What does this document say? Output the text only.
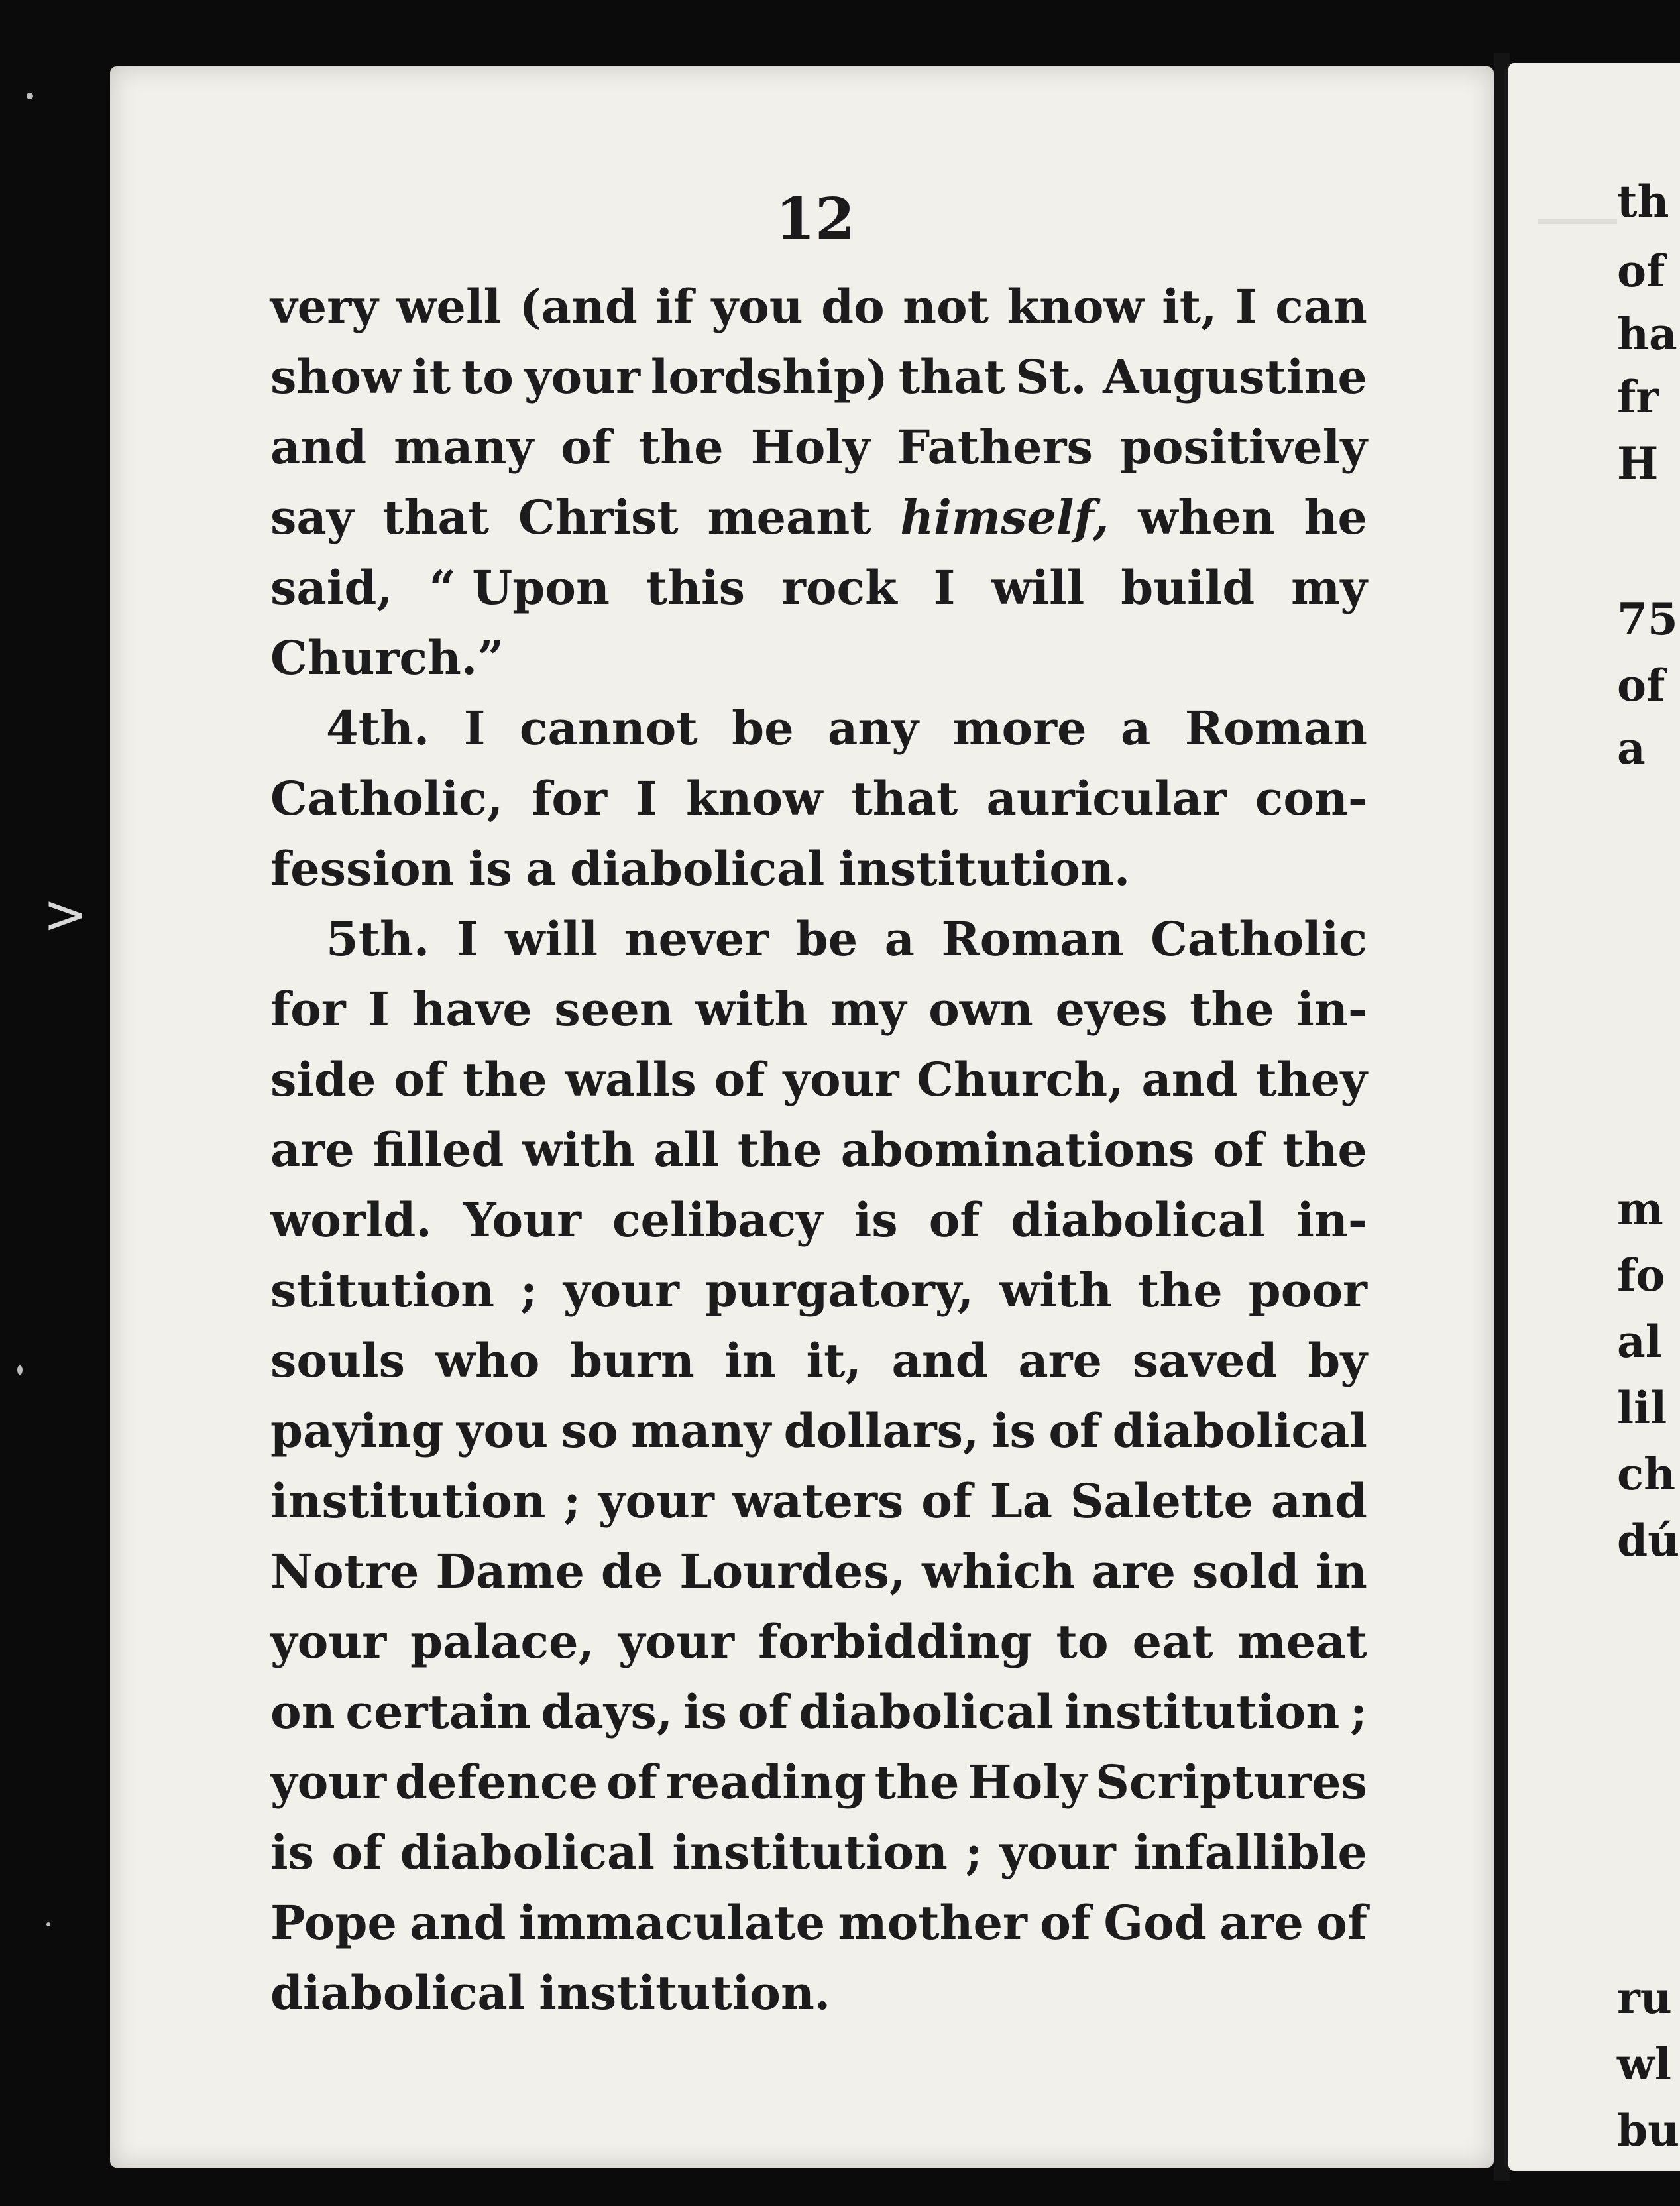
>
th
of
ha
fr
H
75
of
a
m
fo
al
lil
ch
dú
ru
wl
bu
12
very well (and if you do not know it, I can
show it to your lordship) that St. Augustine
and many of the Holy Fathers positively
say that Christ meant himself, when he
said, “ Upon this rock I will build my
Church.”
4th. I cannot be any more a Roman
Catholic, for I know that auricular con-
fession is a diabolical institution.
5th. I will never be a Roman Catholic
for I have seen with my own eyes the in-
side of the walls of your Church, and they
are filled with all the abominations of the
world. Your celibacy is of diabolical in-
stitution ; your purgatory, with the poor
souls who burn in it, and are saved by
paying you so many dollars, is of diabolical
institution ; your waters of La Salette and
Notre Dame de Lourdes, which are sold in
your palace, your forbidding to eat meat
on certain days, is of diabolical institution ;
your defence of reading the Holy Scriptures
is of diabolical institution ; your infallible
Pope and immaculate mother of God are of
diabolical institution.
